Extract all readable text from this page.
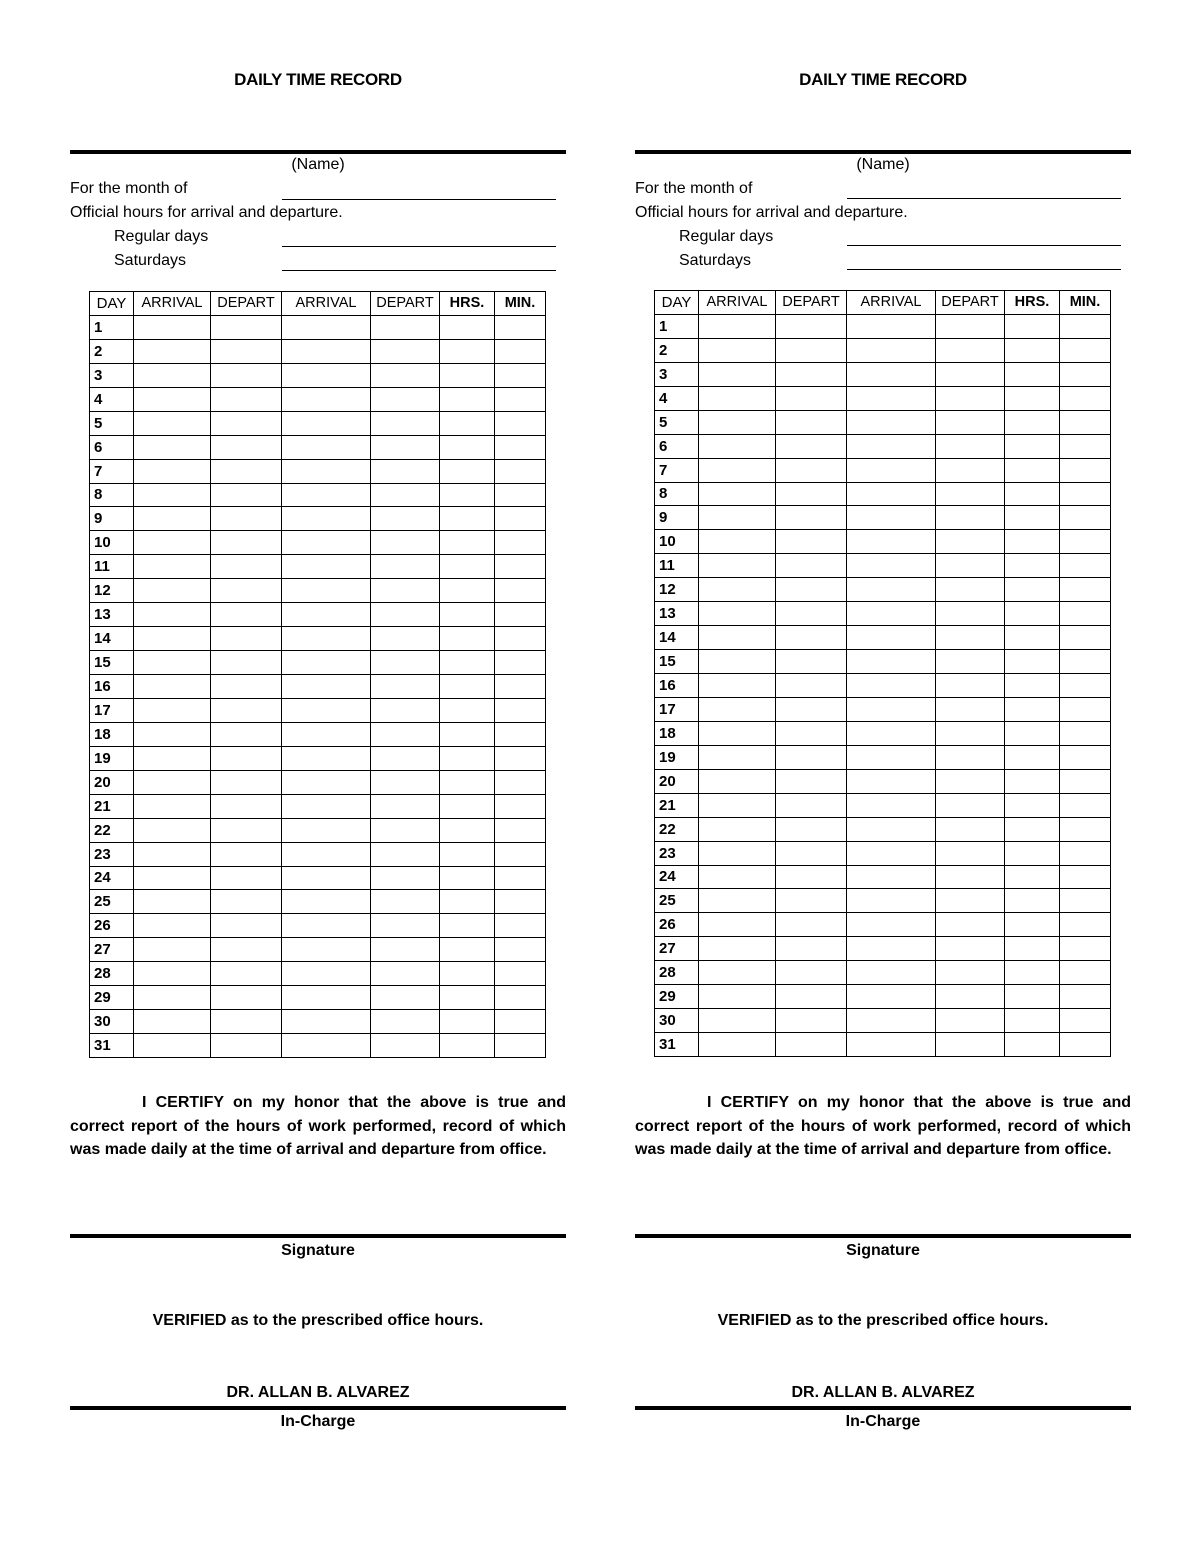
DAILY TIME RECORD
(Name)
For the month of
Official hours for arrival and departure.
Regular days
Saturdays
DAY	ARRIVAL	DEPART	ARRIVAL	DEPART	HRS.	MIN.
1						
2						
3						
4						
5						
6						
7						
8						
9						
10						
11						
12						
13						
14						
15						
16						
17						
18						
19						
20						
21						
22						
23						
24						
25						
26						
27						
28						
29						
30						
31						
I CERTIFY on my honor that the above is true and correct report of the hours of work performed, record of which was made daily at the time of arrival and departure from office.
Signature
VERIFIED as to the prescribed office hours.
DR. ALLAN B. ALVAREZ
In-Charge
DAILY TIME RECORD
(Name)
For the month of
Official hours for arrival and departure.
Regular days
Saturdays
DAY	ARRIVAL	DEPART	ARRIVAL	DEPART	HRS.	MIN.
1						
2						
3						
4						
5						
6						
7						
8						
9						
10						
11						
12						
13						
14						
15						
16						
17						
18						
19						
20						
21						
22						
23						
24						
25						
26						
27						
28						
29						
30						
31						
I CERTIFY on my honor that the above is true and correct report of the hours of work performed, record of which was made daily at the time of arrival and departure from office.
Signature
VERIFIED as to the prescribed office hours.
DR. ALLAN B. ALVAREZ
In-Charge
